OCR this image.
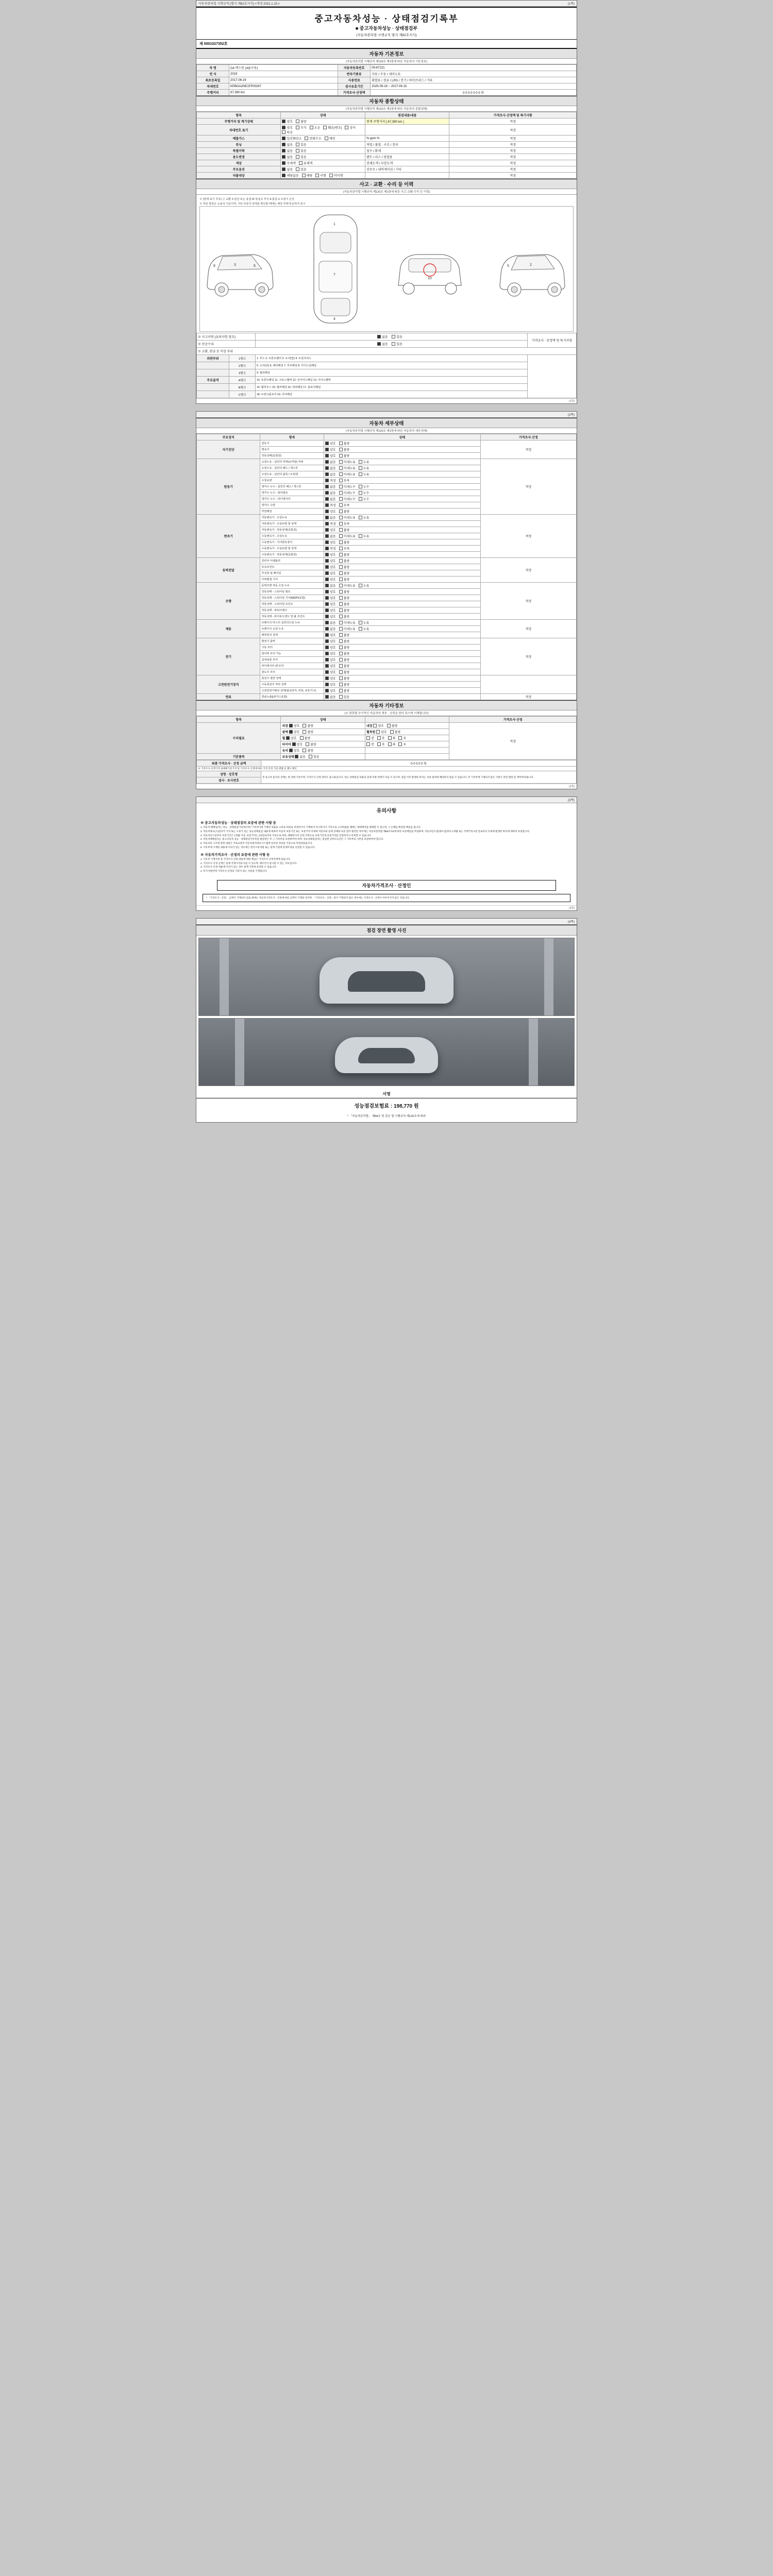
자동차관리법 시행규칙 [별지 제82호서식] <개정 2021.1.15.>	(1쪽)
중고자동차성능 · 상태점검기록부
■ 중고자동차성능 · 상태점검부
(자동차관리법 시행규칙 별지 제82호서식)
제 0001027352호
자동차 기본정보
(자동차관리법 시행규칙 제120조 제1항에 따른 자동차의 기본정보)
차 명	G4 렉스턴 (4륜구동)	자동차등록번호	09-67221
연 식	2019	변속기종류	자동 / 수동 / 세미오토
최초등록일	2017-06-16	사용연료	휘발유 / 경유 / LPG / 전기 / 하이브리드 / 기타
차대번호	KPBGA2NE1FP00267	검사유효기간	2025-09-16 ~ 2027-09-15
주행거리	67,390 km	가격조사·산정액	0 0 0 0 0 0 0 원
자동차 종합상태
(자동차관리법 시행규칙 제120조 제1항에 따른 자동차의 종합상태)
항목	상태	점검내용/내용	가격조사·산정액 및 특기사항
주행거리 및 계기상태	양호 불량	현재 주행거리 [ 67,390 km ]	적정
차대번호 표기	양호 부식 오손 훼손(변조) 상이타공		적정
배출가스	일산화탄소 탄화수소 매연	% ppm %	적정
튜닝	없음 있음	적법 / 불법 · 구조 / 장치	적정
특별이력	없음 있음	침수 / 화재	적정
용도변경	없음 있음	렌트 / 리스 / 영업용	적정
색상	무채색 유채색	전체도색 / 부분도색	적정
주요옵션	없음 있음	선루프 / 내비게이션 / 기타	적정
리콜대상	해당없음 해당 이행 미이행		적정
사고 · 교환 · 수리 등 이력
(자동차관리법 시행규칙 제120조 제1항에 따른 사고·교환·수리 등 이력)
※ (현재 표기 부호) ① 교환 X 판금 또는 용접 W 용접 C 부식 A 흠집 U 요철 T 손상
※ 하단 항목은 승용차 기준이며, 기타 차종의 상태를 확인할 때에는 해당 부위에 준하여 표시
8	3	6
1
7
4
10
5	2
※ 사고이력 (유의사항 참조)		없음 있음	가격조사 · 산정액 및 특기사항
※ 단순수리		없음 있음	
※ 교환, 판금 등 이상 부위			
외판부위	1랭크	1. 후드 2. 프론트펜더 3. 도어(앞) 4. 트렁크리드	
	2랭크	5. 도어(뒤) 6. 쿼터패널 7. 루프패널 8. 사이드실패널	
	3랭크	9. 필러패널	
주요골격	A랭크	10. 프론트패널 11. 크로스멤버 12. 인사이드패널 13. 사이드멤버	
	B랭크	14. 휠하우스 15. 필러패널 16. 대쉬패널 17. 플로어패널	
	C랭크	18. 트렁크플로어 19. 리어패널	
(1쪽)
(2쪽)
자동차 세부상태
(자동차관리법 시행규칙 제120조 제1항에 따른 자동차의 세부상태)
주요장치	항목	상태	가격조사·산정
자기진단	원동기	양호 불량	적정
	변속기	양호 불량	
	작동상태(공회전)	양호 불량	
원동기	오일누유 - 실린더 커버(로커암) 커버	없음 미세누유 누유	적정
	오일누유 - 실린더 헤드 / 개스킷	없음 미세누유 누유	
	오일누유 - 실린더 블록 / 오일팬	없음 미세누유 누유	
	오일유량	적정 부족	
	냉각수 누수 - 실린더 헤드 / 개스킷	없음 미세누수 누수	
	냉각수 누수 - 워터펌프	없음 미세누수 누수	
	냉각수 누수 - 라디에이터	없음 미세누수 누수	
	냉각수 수량	적정 부족	
	커먼레일	양호 불량	
변속기	자동변속기 - 오일누유	없음 미세누유 누유	적정
	자동변속기 - 오일유량 및 상태	적정 부족	
	자동변속기 - 작동상태(공회전)	양호 불량	
	수동변속기 - 오일누유	없음 미세누유 누유	
	수동변속기 - 기어변속장치	양호 불량	
	수동변속기 - 오일유량 및 상태	적정 부족	
	수동변속기 - 작동상태(공회전)	양호 불량	
동력전달	클러치 어셈블리	양호 불량	적정
	등속조인트	양호 불량	
	추진축 및 베어링	양호 불량	
	디퍼렌셜 기어	양호 불량	
조향	동력조향 작동 오일 누유	없음 미세누유 누유	적정
	작동상태 - 스티어링 펌프	양호 불량	
	작동상태 - 스티어링 기어(MDPS포함)	양호 불량	
	작동상태 - 스티어링 조인트	양호 불량	
	작동상태 - 파워크랭크	양호 불량	
	작동상태 - 타이로드엔드 및 볼 조인트	양호 불량	
제동	브레이크 마스터 실린더오일 누유	없음 미세누유 누유	적정
	브레이크 오일 누유	없음 미세누유 누유	
	배력장치 상태	양호 불량	
전기	발전기 출력	양호 불량	적정
	시동 모터	양호 불량	
	와이퍼 모터 기능	양호 불량	
	실내송풍 모터	양호 불량	
	라디에이터 팬 모터	양호 불량	
	윈도우 모터	양호 불량	
고전원전기장치	충전구 절연 상태	양호 불량	
	구동축전지 격리 상태	양호 불량	
	고전원전기배선 상태(접속단자, 피복, 보호기구)	양호 불량	
연료	연료누출(LP가스포함)	없음 있음	적정
자동차 기타정보
(※ 항목별 추가적인 자동차의 세부 · 선정을 한다 표시에 기재합니다)
항목	상태		가격조사·산정
수리필요	외장 양호 불량	내장 양호 불량	적정
	광택 양호 불량	휠복원 양호 불량	
	휠 양호 불량	전 후 좌 우	
	타이어 양호 불량	전 후 좌 우	
	유리 양호 불량		
기본품목	보유상태 없음 있음		
최종 가격조사 · 산정 금액	0 0 0 0 0 원
※ 가격조사·산정가격 실매매기준가격 및 가격조사·산정에 따른 가격 산정 기준·방법 등 별도 확인	
성명 · 상호명	본 중고차 물건의 상태는 현 상태 기준이며, 가격조사·산정 내역은 참고용입니다. 성능·상태점검 내용과 실제 차량 상태가 다를 수 있으며, 점검 이후 발생한 하자는 보증 범위에 해당하지 않을 수 있습니다. 본 기록부에 기재되지 않은 사항은 관련 법령 및 계약에 따릅니다.
검사 · 조사번호	
(2쪽)
(3쪽)
유의사항
※ 중고자동차성능 · 상태점검의 보증에 관한 사항 등

1. 자동차 매매업자는 성능 · 상태점검기록부(이하 "기록부")에 기재된 내용을 고의로 허위로 작성하거나 기재하지 아니하거나 거짓으로 고지하였을 때에는 매매계약을 해제할 수 있으며, 그 손해를 배상할 책임을 집니다.

2. 자동차양도(소)업자가 거짓 또는 오류가 있는 성능상태점검 내용에 대하여 자동차 보증기간 또는 보증거리 이내에 자동차의 실제 상태와 다른 점이 발견된 경우에는 자동차관리법 제58조의4에 따라 보증책임을 부담하며, 자동차인도일(양도일)부터 1개월 또는 주행거리 2천 킬로미터 이내에 발생한 하자에 대하여 보증합니다.

3. 자동차인도일부터 보증기간은 1개월 이상, 보증거리는 2천킬로미터 이상으로 하되, 매매당사자 간의 약정으로 보증기간과 보증거리를 연장하거나 단축할 수 있습니다.

4. 자동차매매업자는 중고자동차 성능 · 상태점검기록부를 발급받은 후 그 기록부를 보관하여야 하며, 성능상태점검자는 점검한 날부터 1년간 그 기록부의 사본을 보관하여야 합니다.

5. 자동차의 구조에 관한 내용은 국토교통부 자동차관리정보시스템에 등록된 정보를 기준으로 작성되었습니다.

6. 기록부에 기재된 내용에 이의가 있는 경우에는 한국소비자원 또는 관계 기관에 분쟁조정을 신청할 수 있습니다.

※ 자동차가격조사 · 산정의 보증에 관한 사항 등

1. 기록부 기재사항 중 가격조사·산정 내용에 대한 책임은 가격조사·산정자에게 있습니다.

2. 가격조사·산정 금액은 실제 거래가격과 다를 수 있으며, 매수인이 참고할 수 있는 자료입니다.

3. 가격조사·산정 내용에 이의가 있는 경우 관계 기관에 문의할 수 있습니다.

4. 특기사항란에 가격조사·산정의 기준이 되는 사항을 기재합니다.

자동차가격조사 · 산정인
* 「가격조사 · 산정」 금액이 기재되어 있을 때에는 자동차가격조사 · 산정에 따른 금액이 기재된 것이며, 「가격조사 · 산정」란이 기재되지 않은 경우에는 가격조사 · 산정이 이루어지지 않은 것입니다.
(3쪽)
(4쪽)
점검 장면 촬영 사진
서명
성능점검보험료 : 198,770 원
* 「자동차관리법」 제58조 및 같은 법 시행규칙 제120조에 따라
